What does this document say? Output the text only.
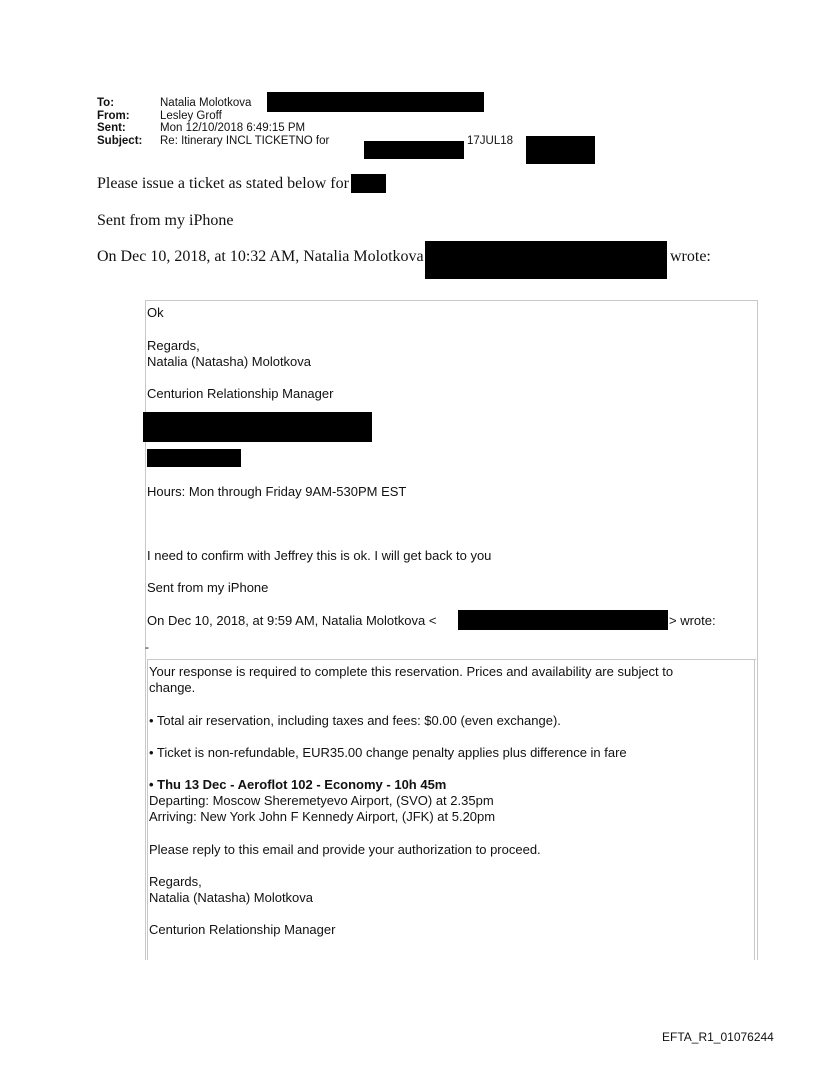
To:	Natalia Molotkova
From:	Lesley Groff
Sent:	Mon 12/10/2018 6:49:15 PM
Subject: Re: Itinerary INCL TICKETNO for	17JUL18
Please issue a ticket as stated below for
Sent from my iPhone
On Dec 10, 2018, at 10:32 AM, Natalia Molotkova	wrote:
Ok
Regards,
Natalia (Natasha) Molotkova
Centurion Relationship Manager
Hours: Mon through Friday 9AM-530PM EST
I need to confirm with Jeffrey this is ok. I will get back to you
Sent from my iPhone
On Dec 10, 2018, at 9:59 AM, Natalia Molotkova <	> wrote:
-
Your response is required to complete this reservation. Prices and availability are subject to
change.
• Total air reservation, including taxes and fees: $0.00 (even exchange).
• Ticket is non-refundable, EUR35.00 change penalty applies plus difference in fare
• Thu 13 Dec - Aeroflot 102 - Economy - 10h 45m
Departing: Moscow Sheremetyevo Airport, (SVO) at 2.35pm
Arriving: New York John F Kennedy Airport, (JFK) at 5.20pm
Please reply to this email and provide your authorization to proceed.
Regards,
Natalia (Natasha) Molotkova
Centurion Relationship Manager
EFTA_R1_01076244
